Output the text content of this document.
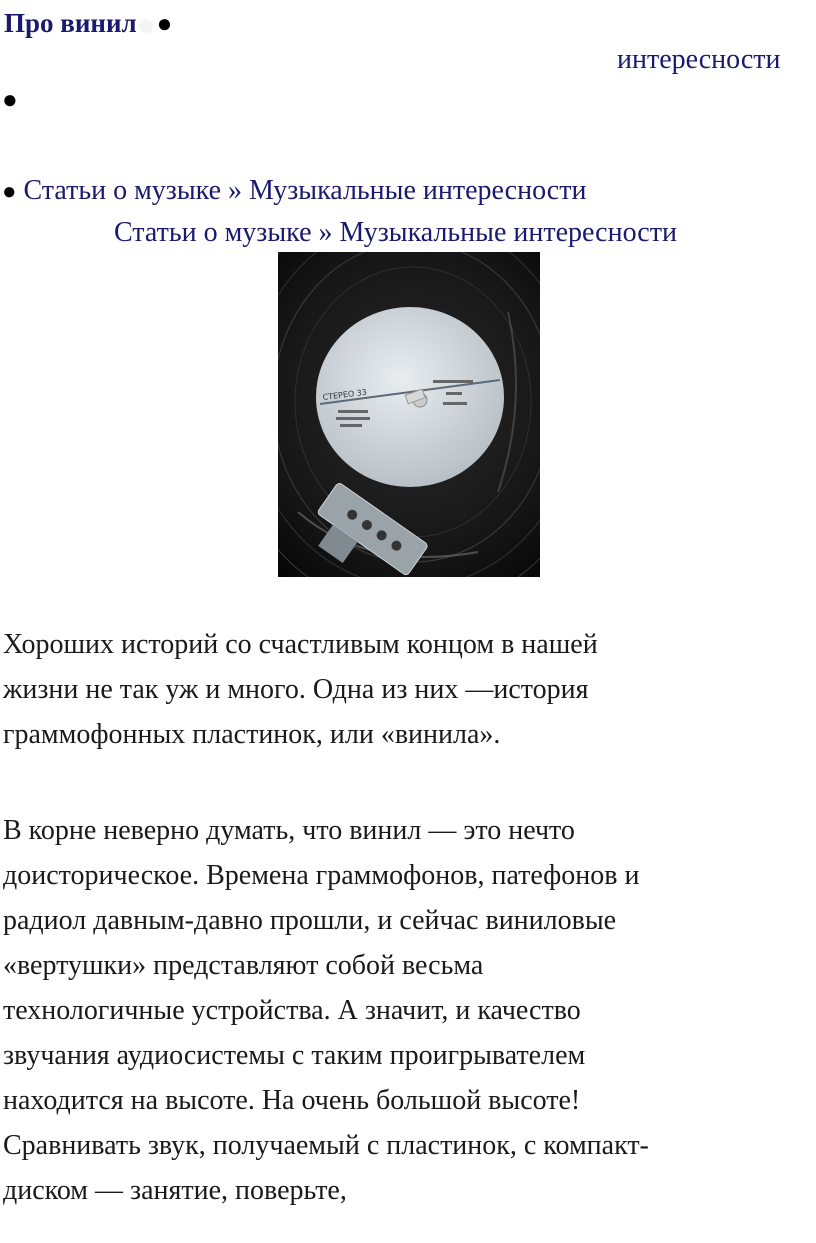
Про винил ●
интересности
●
● Статьи о музыке » Музыкальные интересности
Статьи о музыке » Музыкальные интересности
СТЕРЕО 33
Хороших историй со счастливым концом в нашей
жизни не так уж и много. Одна из них —история
граммофонных пластинок, или «винила».
В корне неверно думать, что винил — это нечто
доисторическое. Времена граммофонов, патефонов и
радиол давным-давно прошли, и сейчас виниловые
«вертушки» представляют собой весьма
технологичные устройства. А значит, и качество
звучания аудиосистемы с таким проигрывателем
находится на высоте. На очень большой высоте!
Сравнивать звук, получаемый с пластинок, с компакт-
диском — занятие, поверьте,
